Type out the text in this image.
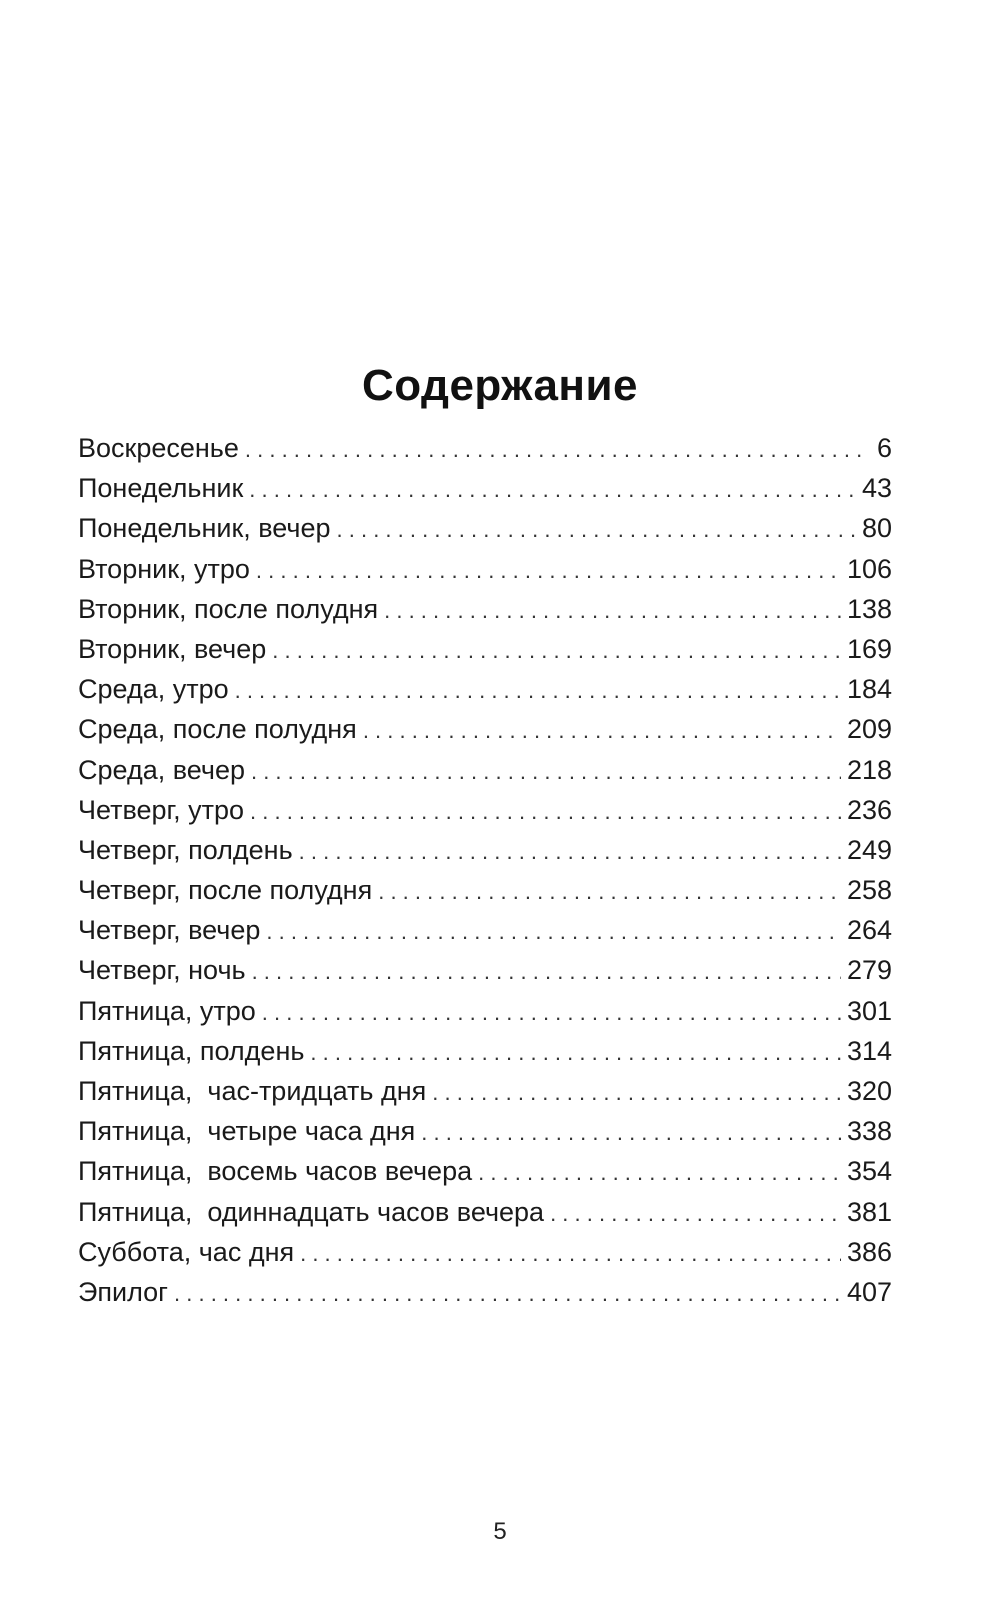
Содержание
Воскресенье . . .	6
Понедельник . . .	43
Понедельник, вечер . . .	80
Вторник, утро . . .	106
Вторник, после полудня . . .	138
Вторник, вечер . . .	169
Среда, утро . . .	184
Среда, после полудня . . .	209
Среда, вечер . . .	218
Четверг, утро . . .	236
Четверг, полдень . . .	249
Четверг, после полудня . . .	258
Четверг, вечер . . .	264
Четверг, ночь . . .	279
Пятница, утро . . .	301
Пятница, полдень . . .	314
Пятница,  час-тридцать дня . . .	320
Пятница,  четыре часа дня . . .	338
Пятница,  восемь часов вечера . . .	354
Пятница,  одиннадцать часов вечера . . .	381
Суббота, час дня . . .	386
Эпилог . . .	407
5
